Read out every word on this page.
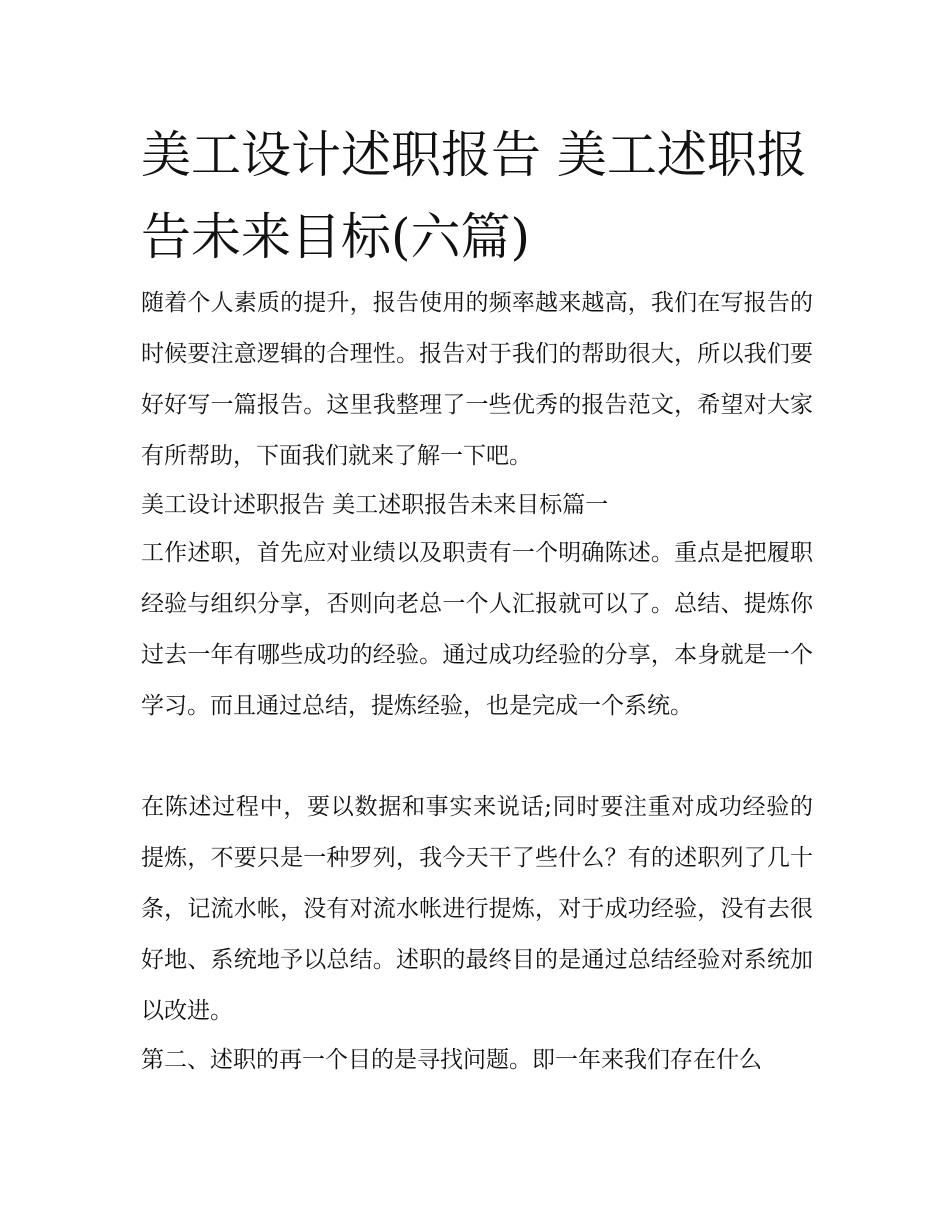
美工设计述职报告 美工述职报告未来目标(六篇)

随着个人素质的提升，报告使用的频率越来越高，我们在写报告的时候要注意逻辑的合理性。报告对于我们的帮助很大，所以我们要好好写一篇报告。这里我整理了一些优秀的报告范文，希望对大家有所帮助，下面我们就来了解一下吧。

美工设计述职报告 美工述职报告未来目标篇一

工作述职，首先应对业绩以及职责有一个明确陈述。重点是把履职经验与组织分享，否则向老总一个人汇报就可以了。总结、提炼你过去一年有哪些成功的经验。通过成功经验的分享，本身就是一个学习。而且通过总结，提炼经验，也是完成一个系统。

在陈述过程中，要以数据和事实来说话;同时要注重对成功经验的提炼，不要只是一种罗列，我今天干了些什么？有的述职列了几十条，记流水帐，没有对流水帐进行提炼，对于成功经验，没有去很好地、系统地予以总结。述职的最终目的是通过总结经验对系统加以改进。

第二、述职的再一个目的是寻找问题。即一年来我们存在什么
